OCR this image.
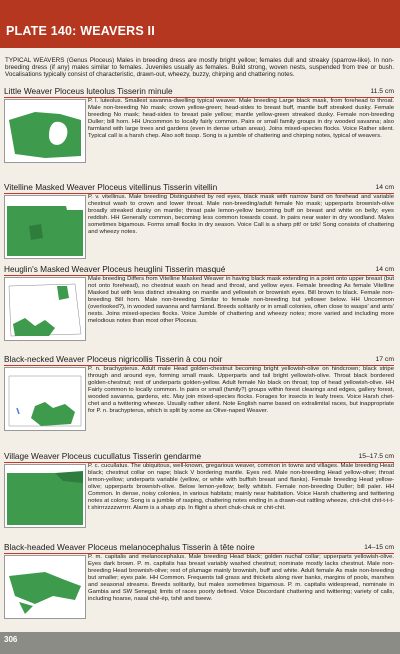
PLATE 140: WEAVERS II

TYPICAL WEAVERS (Genus Ploceus) Males in breeding dress are mostly bright yellow; females dull and streaky (sparrow-like). In non-breeding dress (if any) males similar to females. Juveniles usually as females. Build strong, woven nests, suspended from tree or bush. Vocalisations typically consist of characteristic, drawn-out, wheezy, buzzy, chirping and chattering notes.

Little Weaver Ploceus luteolus Tisserin minule	11.5 cm

P. l. luteolus. Smallest savanna-dwelling typical weaver. Male breeding Large black mask, from forehead to throat. Male non-breeding No mask; crown yellow-green; head-sides to breast buff, mantle buff streaked dusky. Female breeding No mask; head-sides to breast pale yellow; mantle yellow-green streaked dusky. Female non-breeding Duller; bill horn. HH Uncommon to locally fairly common. Pairs or small family groups in dry wooded savanna; also farmland with large trees and gardens (even in dense urban areas). Joins mixed-species flocks. Voice Rather silent. Typical call is a harsh chep. Also soft tsssp. Song is a jumble of chattering and chirping notes, typical of weavers.

Vitelline Masked Weaver Ploceus vitellinus Tisserin vitellin	14 cm

P. v. vitellinus. Male breeding Distinguished by red eyes, black mask with narrow band on forehead and variable chestnut wash to crown and lower throat. Male non-breeding/adult female No mask; upperparts brownish-olive broadly streaked dusky on mantle; throat pale lemon-yellow becoming buff on breast and white on belly; eyes reddish. HH Generally common, becoming less common towards coast. In pairs near water in dry woodland. Males sometimes bigamous. Forms small flocks in dry season. Voice Call is a sharp ptt! or tzik! Song consists of chattering and wheezy notes.

Heuglin's Masked Weaver Ploceus heuglini Tisserin masqué	14 cm

Male breeding Differs from Vitelline Masked Weaver in having black mask extending in a point onto upper breast (but not onto forehead), no chestnut wash on head and throat, and yellow eyes. Female breeding As female Vitelline Masked but with less distinct streaking on mantle and yellowish or brownish eyes. Bill brown to black. Female non-breeding Bill horn. Male non-breeding Similar to female non-breeding but yellower below. HH Uncommon (overlooked?), in wooded savanna and farmland. Breeds solitarily or in small colonies, often close to wasps' and ants' nests. Joins mixed-species flocks. Voice Jumble of chattering and wheezy notes; more varied and including more melodious notes than most other Ploceus.

Black-necked Weaver Ploceus nigricollis Tisserin à cou noir	17 cm

P. n. brachypterus. Adult male Head golden-chestnut becoming bright yellowish-olive on hindcrown; black stripe through and around eye, forming small mask. Upperparts and tail bright yellowish-olive. Throat black bordered golden-chestnut; rest of underparts golden-yellow. Adult female No black on throat; top of head yellowish-olive. HH Fairly common to locally common. In pairs or small (family?) groups within forest clearings and edges, gallery forest, wooded savanna, gardens, etc. May join mixed-species flocks. Forages for insects in leafy trees. Voice Harsh chet-chet and a twittering wheeze. Usually rather silent. Note English name based on extralimital races, but inappropriate for P. n. brachypterus, which is split by some as Olive-naped Weaver.

Village Weaver Ploceus cucullatus Tisserin gendarme	15–17.5 cm

P. c. cucullatus. The ubiquitous, well-known, gregarious weaver, common in towns and villages. Male breeding Head black; chestnut collar on nape; black V bordering mantle. Eyes red. Male non-breeding Head yellow-olive; throat lemon-yellow; underparts variable (yellow, or white with buffish breast and flanks). Female breeding Head yellow-olive; upperparts brownish-olive. Below lemon-yellow; belly whitish. Female non-breeding Duller; bill paler. HH Common. In dense, noisy colonies, in various habitats; mainly near habitation. Voice Harsh chattering and twittering notes at colony. Song is a jumble of rasping, chattering notes ending in a drawn-out rattling wheeze, chit-chit chit-t-t-t-t shirrrzzzzwrrrrr. Alarm is a sharp zip. In flight a short chuk-chuk or chit-chit.

Black-headed Weaver Ploceus melanocephalus Tisserin à tête noire	14–15 cm

P. m. capitalis and melanocephalus. Male breeding Head black; golden nuchal collar; upperparts yellowish-olive. Eyes dark brown. P. m. capitalis has breast variably washed chestnut; nominate mostly lacks chestnut. Male non-breeding Head brownish-olive; rest of plumage mainly brownish, buff and white. Adult female As male non-breeding but smaller; eyes pale. HH Common. Frequents tall grass and thickets along river banks, margins of pools, marshes and seasonal streams. Breeds solitarily, but males sometimes bigamous. P. m. capitalis widespread, nominate in Gambia and SW Senegal; limits of races poorly defined. Voice Discordant chattering and twittering; variety of calls, including hoarse, nasal ché-ép, tshê and tseew.

306
